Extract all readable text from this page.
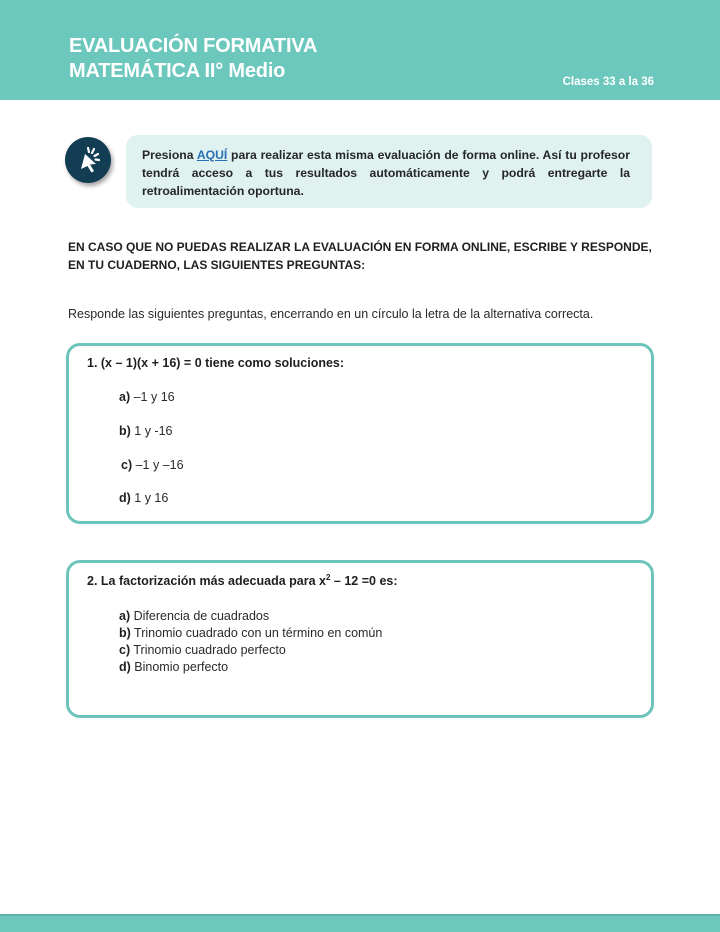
EVALUACIÓN FORMATIVA
MATEMÁTICA II° Medio	Clases 33 a la 36
Presiona AQUÍ para realizar esta misma evaluación de forma online. Así tu profesor tendrá acceso a tus resultados automáticamente y podrá entregarte la retroalimentación oportuna.
EN CASO QUE NO PUEDAS REALIZAR LA EVALUACIÓN EN FORMA ONLINE, ESCRIBE Y RESPONDE, EN TU CUADERNO, LAS SIGUIENTES PREGUNTAS:
Responde las siguientes preguntas, encerrando en un círculo la letra de la alternativa correcta.
1. (x – 1)(x + 16) = 0 tiene como soluciones:
a) –1 y 16
b) 1 y -16
c) –1 y –16
d) 1 y 16
2. La factorización más adecuada para $x^2 - 12 =0$ es:
a) Diferencia de cuadrados
b) Trinomio cuadrado con un término en común
c) Trinomio cuadrado perfecto
d) Binomio perfecto
